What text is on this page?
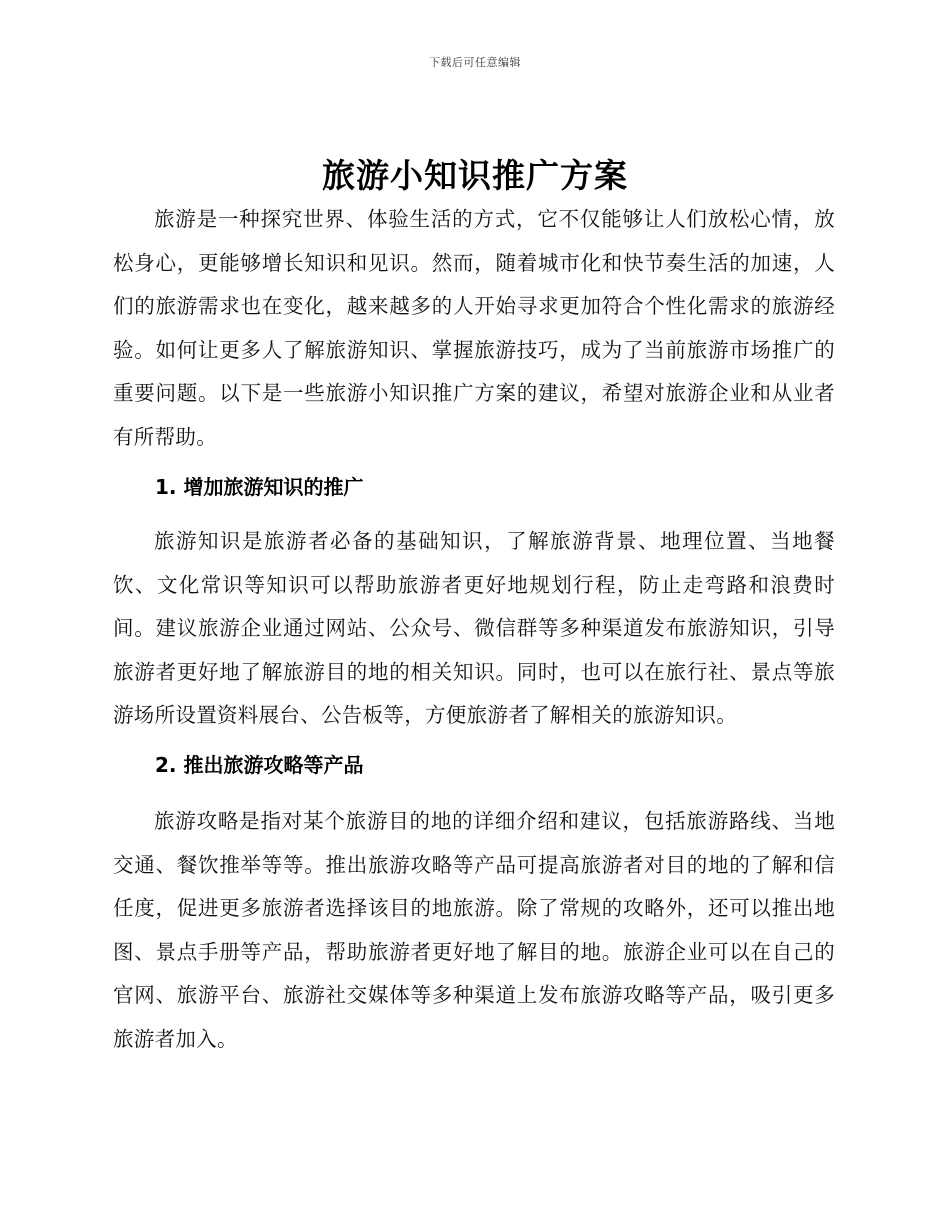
下载后可任意编辑
旅游小知识推广方案

旅游是一种探究世界、体验生活的方式，它不仅能够让人们放松心情，放松身心，更能够增长知识和见识。然而，随着城市化和快节奏生活的加速，人们的旅游需求也在变化，越来越多的人开始寻求更加符合个性化需求的旅游经验。如何让更多人了解旅游知识、掌握旅游技巧，成为了当前旅游市场推广的重要问题。以下是一些旅游小知识推广方案的建议，希望对旅游企业和从业者有所帮助。

1. 增加旅游知识的推广

旅游知识是旅游者必备的基础知识，了解旅游背景、地理位置、当地餐饮、文化常识等知识可以帮助旅游者更好地规划行程，防止走弯路和浪费时间。建议旅游企业通过网站、公众号、微信群等多种渠道发布旅游知识，引导旅游者更好地了解旅游目的地的相关知识。同时，也可以在旅行社、景点等旅游场所设置资料展台、公告板等，方便旅游者了解相关的旅游知识。

2. 推出旅游攻略等产品

旅游攻略是指对某个旅游目的地的详细介绍和建议，包括旅游路线、当地交通、餐饮推举等等。推出旅游攻略等产品可提高旅游者对目的地的了解和信任度，促进更多旅游者选择该目的地旅游。除了常规的攻略外，还可以推出地图、景点手册等产品，帮助旅游者更好地了解目的地。旅游企业可以在自己的官网、旅游平台、旅游社交媒体等多种渠道上发布旅游攻略等产品，吸引更多旅游者加入。
